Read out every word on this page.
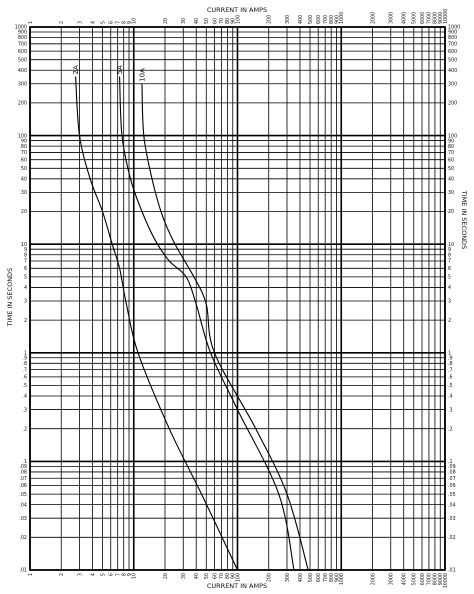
1
1
2
2
3
3
4
4
5
5
6
6
7
7
8
8
9
9
10
10
20
20
30
30
40
40
50
50
60
60
70
70
80
80
90
90
100
100
200
200
300
300
400
400
500
500
600
600
700
700
800
800
900
900
1000
1000
2000
2000
3000
3000
4000
4000
5000
5000
6000
6000
7000
7000
8000
8000
9000
9000
10000
10000
.01	.01
.02	.02
.03	.03
.04	.04
.05	.05
.06	.06
.07	.07
.08	.08
.09	.09
.1	.1
.2	.2
.3	.3
.4	.4
.5	.5
.6	.6
.7	.7
.8	.8
.9	.9
1	1
2	2
3	3
4	4
5	5
6	6
7	7
8	8
9	9
10	10
20	20
30	30
40	40
50	50
60	60
70	70
80	80
90	90
100	100
200	200
300	300
400	400
500	500
600	600
700	700
800	800
900	900
1000	1000
2A	5A 10A
CURRENT IN AMPS
CURRENT IN AMPS
TIME IN SECONDS
TIME IN SECONDS
